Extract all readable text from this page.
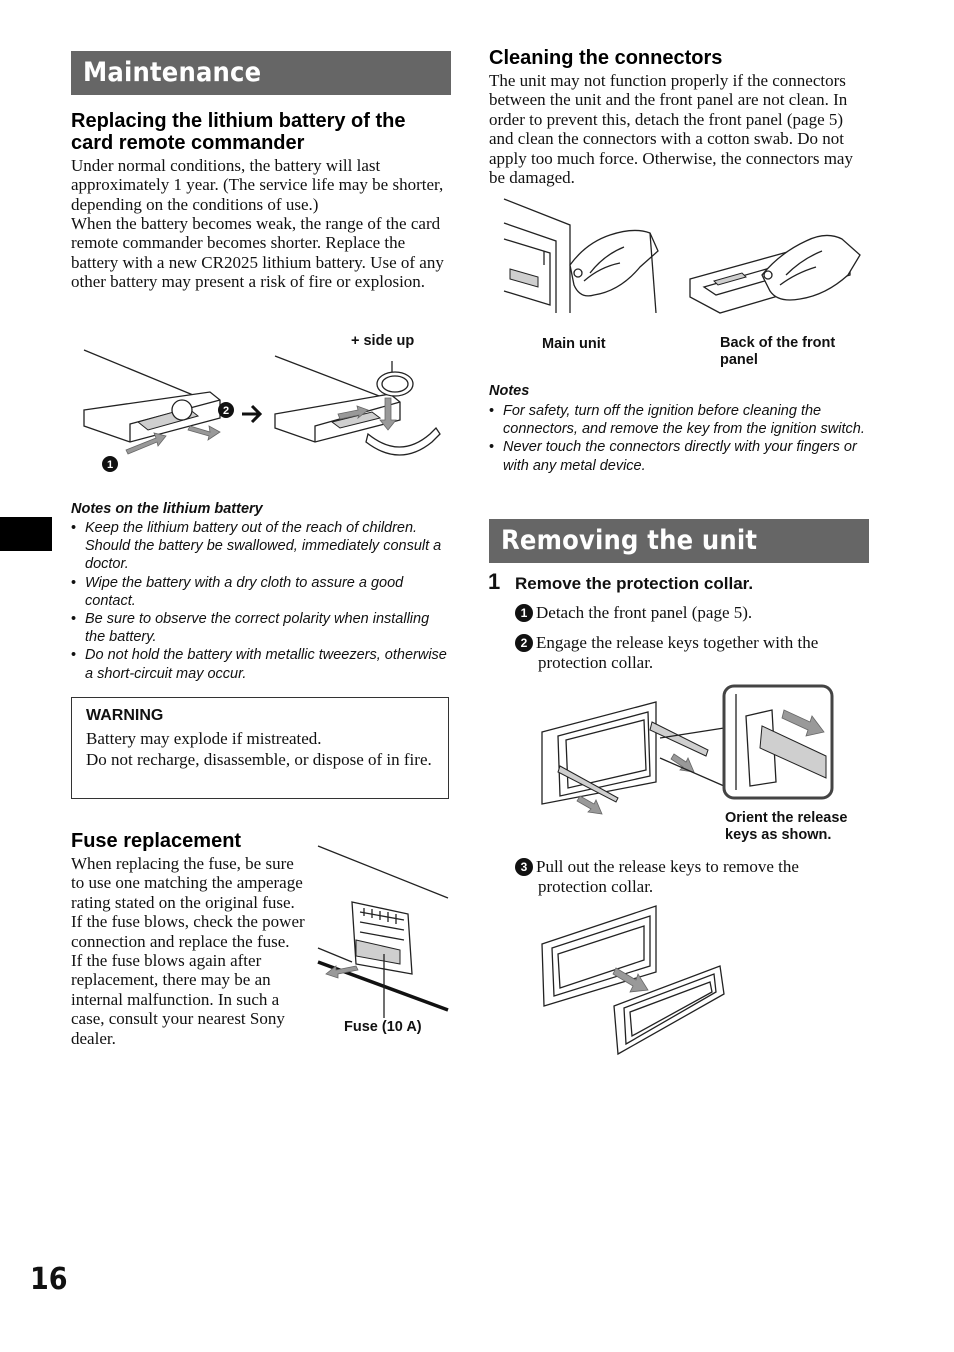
Maintenance
Replacing the lithium battery of the card remote commander
Under normal conditions, the battery will last approximately 1 year. (The service life may be shorter, depending on the conditions of use.)
When the battery becomes weak, the range of the card remote commander becomes shorter. Replace the battery with a new CR2025 lithium battery. Use of any other battery may present a risk of fire or explosion.
1
2
+ side up
Notes on the lithium battery
• Keep the lithium battery out of the reach of children. Should the battery be swallowed, immediately consult a doctor.
• Wipe the battery with a dry cloth to assure a good contact.
• Be sure to observe the correct polarity when installing the battery.
• Do not hold the battery with metallic tweezers, otherwise a short-circuit may occur.
WARNING
Battery may explode if mistreated.
Do not recharge, disassemble, or dispose of in fire.
Fuse replacement
When replacing the fuse, be sure to use one matching the amperage rating stated on the original fuse. If the fuse blows, check the power connection and replace the fuse. If the fuse blows again after replacement, there may be an internal malfunction. In such a case, consult your nearest Sony dealer.
Fuse (10 A)
Cleaning the connectors
The unit may not function properly if the connectors between the unit and the front panel are not clean. In order to prevent this, detach the front panel (page 5) and clean the connectors with a cotton swab. Do not apply too much force. Otherwise, the connectors may be damaged.
Main unit	Back of the front panel
Notes
• For safety, turn off the ignition before cleaning the connectors, and remove the key from the ignition switch.
• Never touch the connectors directly with your fingers or with any metal device.
Removing the unit
1 Remove the protection collar.
1 Detach the front panel (page 5).
2 Engage the release keys together with the protection collar.
Orient the release keys as shown.
3 Pull out the release keys to remove the protection collar.
16
